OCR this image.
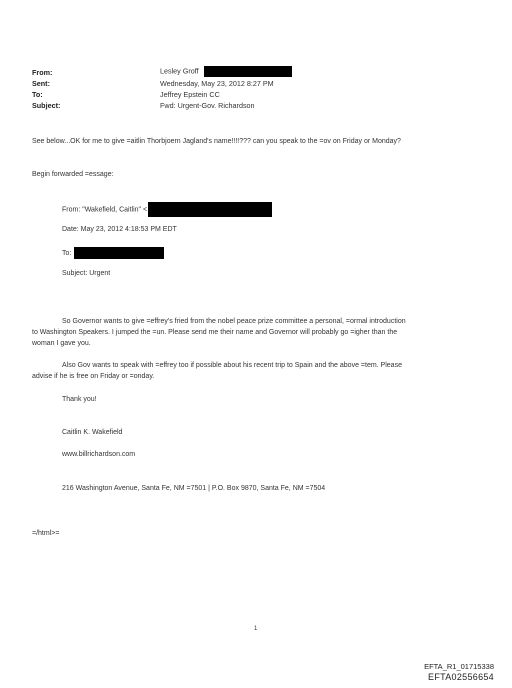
From:	Lesley Groff
Sent:	Wednesday, May 23, 2012 8:27 PM
To:	Jeffrey Epstein CC
Subject:	Fwd: Urgent-Gov. Richardson
See below...OK for me to give =aitlin Thorbjoern Jagland's name!!!!??? can you speak to the =ov on Friday or Monday?
Begin forwarded =essage:
From: "Wakefield, Caitlin" <
Date: May 23, 2012 4:18:53 PM EDT
To:
Subject: Urgent
So Governor wants to give =effrey's fried from the nobel peace prize committee a personal, =ormal introduction
to Washington Speakers. I jumped the =un. Please send me their name and Governor will probably go =igher than the
woman I gave you.
Also Gov wants to speak with =effrey too if possible about his recent trip to Spain and the above =tem. Please
advise if he is free on Friday or =onday.
Thank you!
Caitlin K. Wakefield
www.billrichardson.com
216 Washington Avenue, Santa Fe, NM =7501 | P.O. Box 9870, Santa Fe, NM =7504
=/html>=
1
EFTA_R1_01715338
EFTA02556654
